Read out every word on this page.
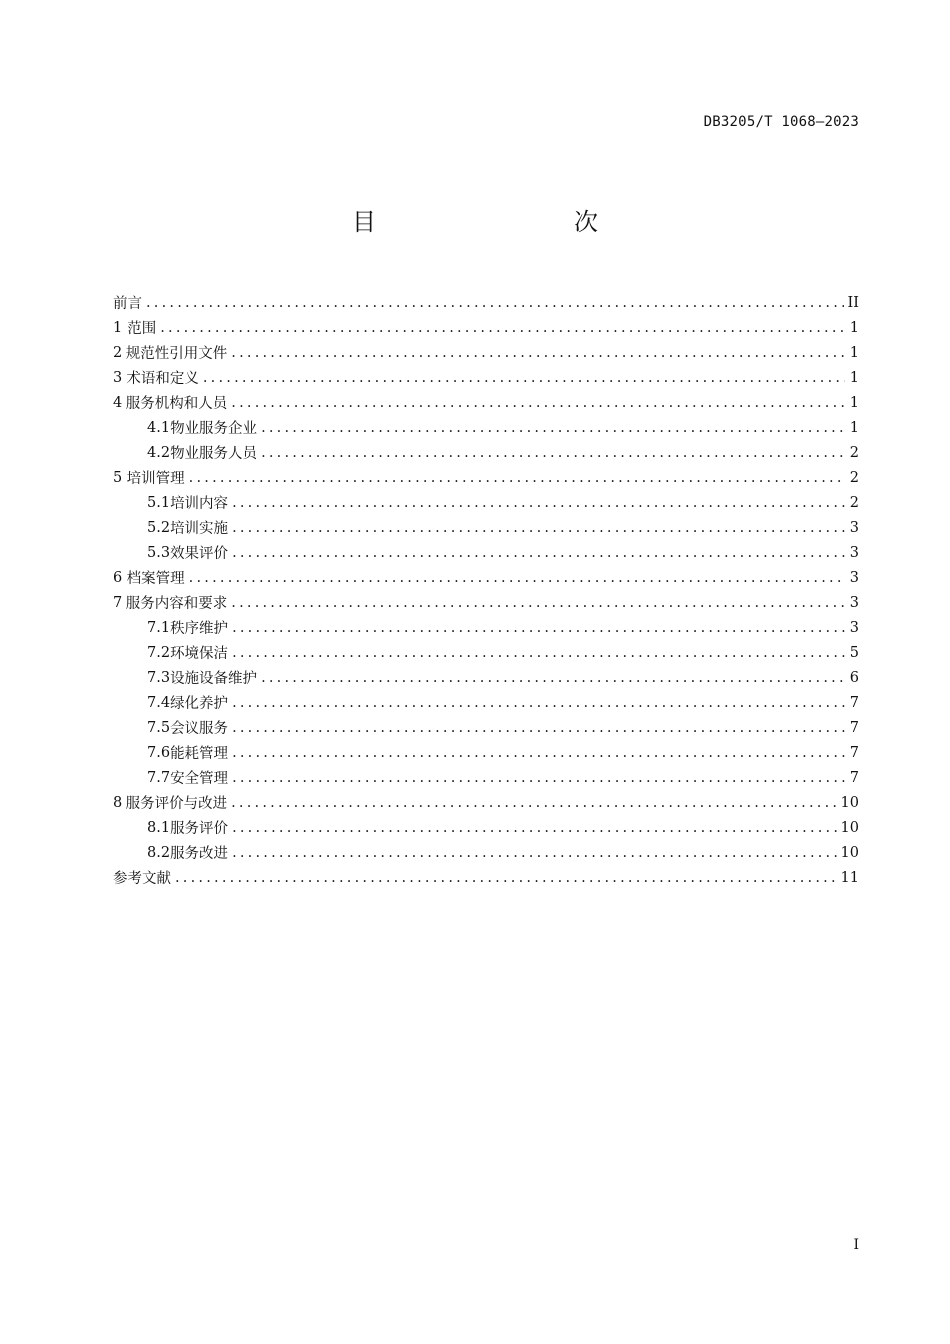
DB3205/T 1068—2023
目　　次
前言 .....	II
1 范围 .....	1
2 规范性引用文件 .....	1
3 术语和定义 .....	1
4 服务机构和人员 .....	1
4.1 物业服务企业 .....	1
4.2 物业服务人员 .....	2
5 培训管理 .....	2
5.1 培训内容 .....	2
5.2 培训实施 .....	3
5.3 效果评价 .....	3
6 档案管理 .....	3
7 服务内容和要求 .....	3
7.1 秩序维护 .....	3
7.2 环境保洁 .....	5
7.3 设施设备维护 .....	6
7.4 绿化养护 .....	7
7.5 会议服务 .....	7
7.6 能耗管理 .....	7
7.7 安全管理 .....	7
8 服务评价与改进 .....	10
8.1 服务评价 .....	10
8.2 服务改进 .....	10
参考文献 .....	11
I
